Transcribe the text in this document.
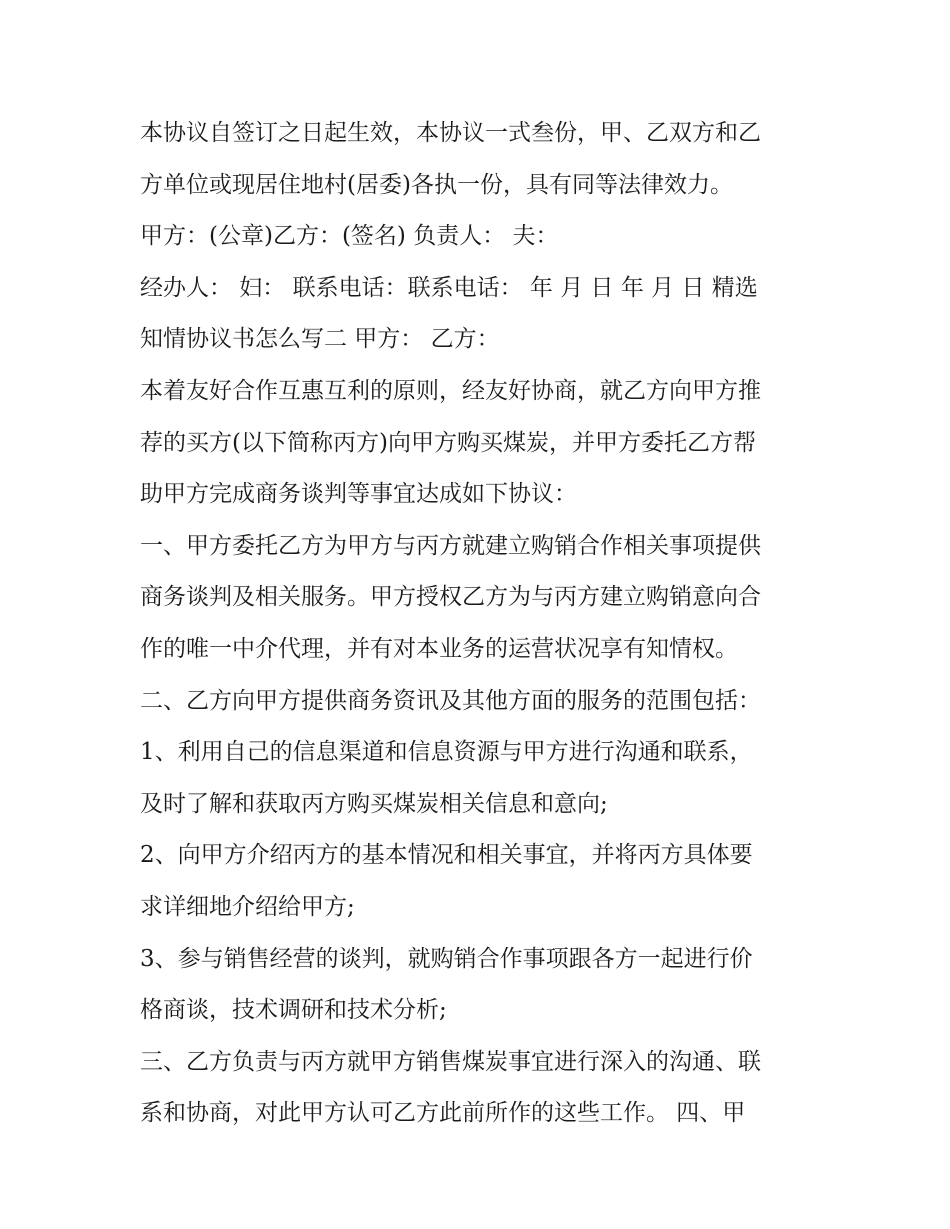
本协议自签订之日起生效，本协议一式叁份，甲、乙双方和乙
方单位或现居住地村(居委)各执一份，具有同等法律效力。
甲方：(公章)乙方：(签名) 负责人： 夫：
经办人： 妇： 联系电话：联系电话： 年 月 日 年 月 日 精选
知情协议书怎么写二 甲方： 乙方：
本着友好合作互惠互利的原则，经友好协商，就乙方向甲方推
荐的买方(以下简称丙方)向甲方购买煤炭，并甲方委托乙方帮
助甲方完成商务谈判等事宜达成如下协议：
一、甲方委托乙方为甲方与丙方就建立购销合作相关事项提供
商务谈判及相关服务。甲方授权乙方为与丙方建立购销意向合
作的唯一中介代理，并有对本业务的运营状况享有知情权。
二、乙方向甲方提供商务资讯及其他方面的服务的范围包括：
1、利用自己的信息渠道和信息资源与甲方进行沟通和联系，
及时了解和获取丙方购买煤炭相关信息和意向;
2、向甲方介绍丙方的基本情况和相关事宜，并将丙方具体要
求详细地介绍给甲方;
3、参与销售经营的谈判，就购销合作事项跟各方一起进行价
格商谈，技术调研和技术分析;
三、乙方负责与丙方就甲方销售煤炭事宜进行深入的沟通、联
系和协商，对此甲方认可乙方此前所作的这些工作。 四、甲
